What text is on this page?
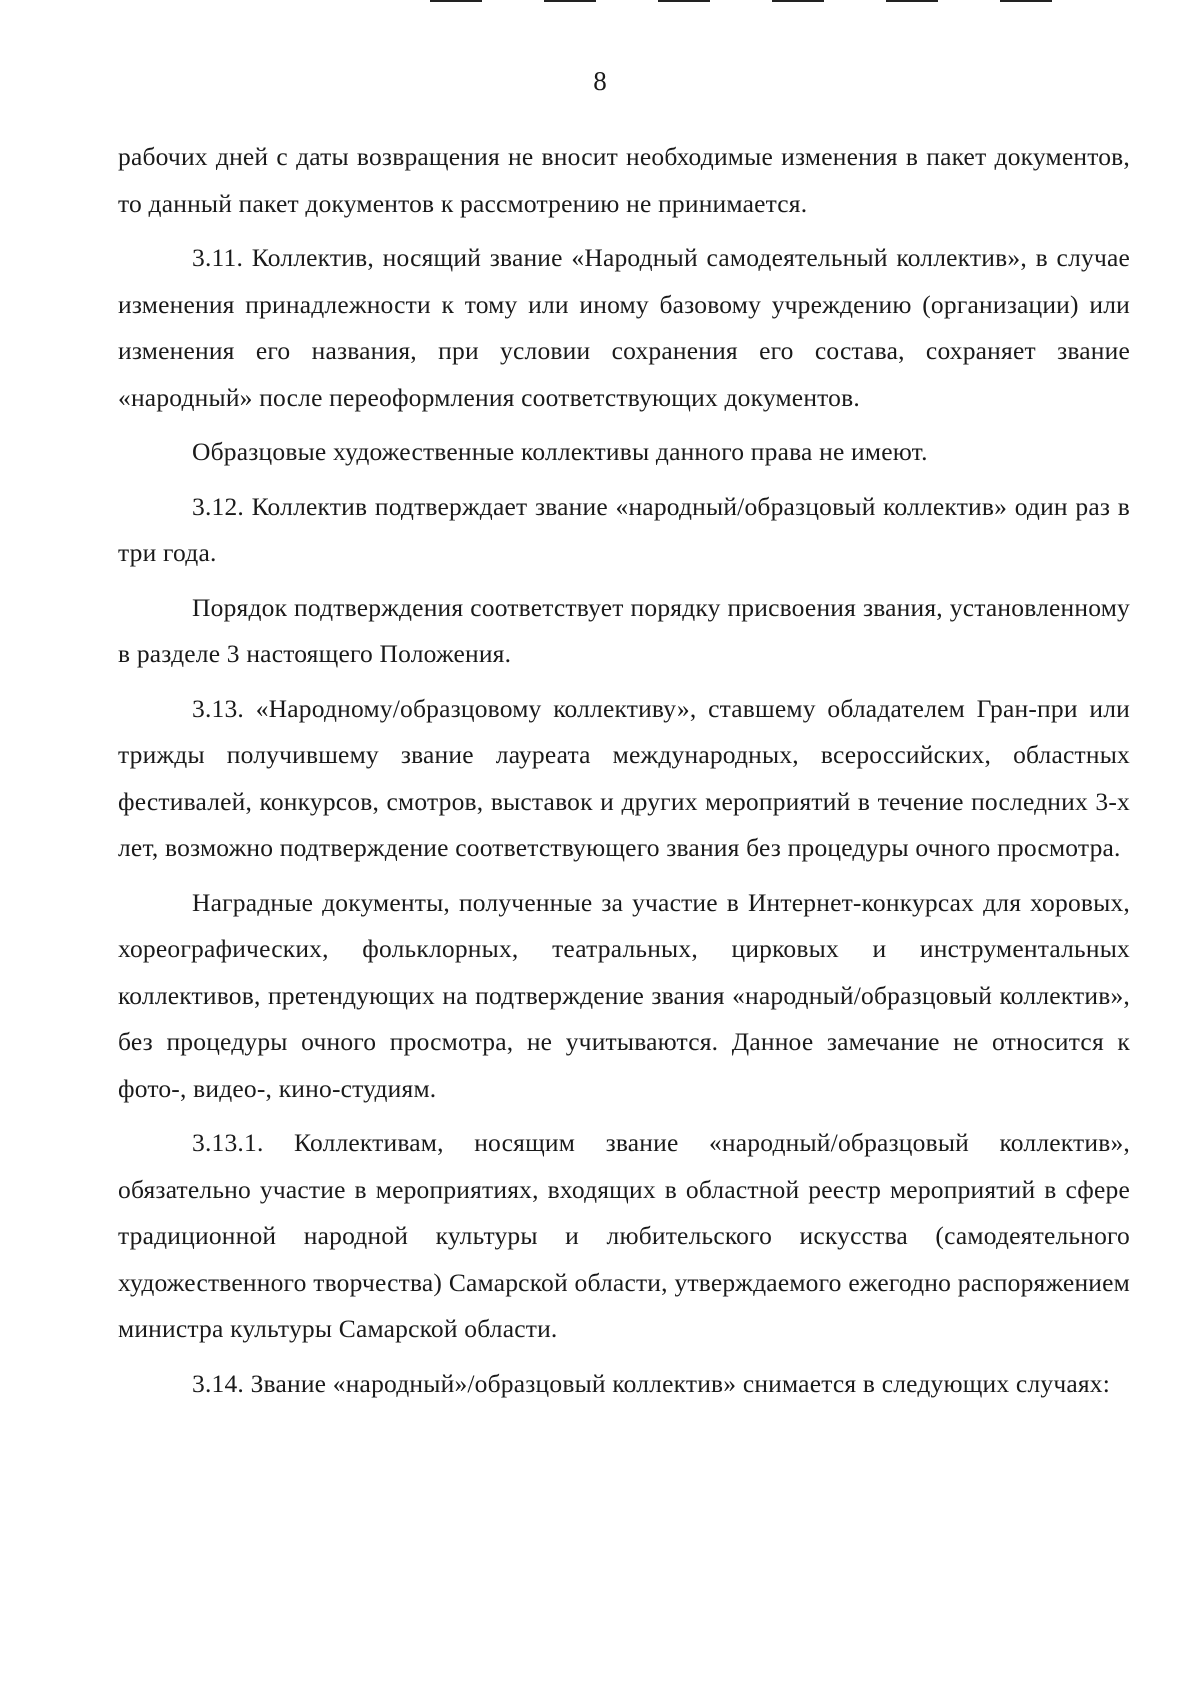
8

рабочих дней с даты возвращения не вносит необходимые изменения в пакет документов, то данный пакет документов к рассмотрению не принимается.

3.11. Коллектив, носящий звание «Народный самодеятельный коллектив», в случае изменения принадлежности к тому или иному базовому учреждению (организации) или изменения его названия, при условии сохранения его состава, сохраняет звание «народный» после переоформления соответствующих документов.

Образцовые художественные коллективы данного права не имеют.

3.12. Коллектив подтверждает звание «народный/образцовый коллектив» один раз в три года.

Порядок подтверждения соответствует порядку присвоения звания, установленному в разделе 3 настоящего Положения.

3.13. «Народному/образцовому коллективу», ставшему обладателем Гран-при или трижды получившему звание лауреата международных, всероссийских, областных фестивалей, конкурсов, смотров, выставок и других мероприятий в течение последних 3-х лет, возможно подтверждение соответствующего звания без процедуры очного просмотра.

Наградные документы, полученные за участие в Интернет-конкурсах для хоровых, хореографических, фольклорных, театральных, цирковых и инструментальных коллективов, претендующих на подтверждение звания «народный/образцовый коллектив», без процедуры очного просмотра, не учитываются. Данное замечание не относится к фото-, видео-, кино-студиям.

3.13.1. Коллективам, носящим звание «народный/образцовый коллектив», обязательно участие в мероприятиях, входящих в областной реестр мероприятий в сфере традиционной народной культуры и любительского искусства (самодеятельного художественного творчества) Самарской области, утверждаемого ежегодно распоряжением министра культуры Самарской области.

3.14. Звание «народный»/образцовый коллектив» снимается в следующих случаях:
